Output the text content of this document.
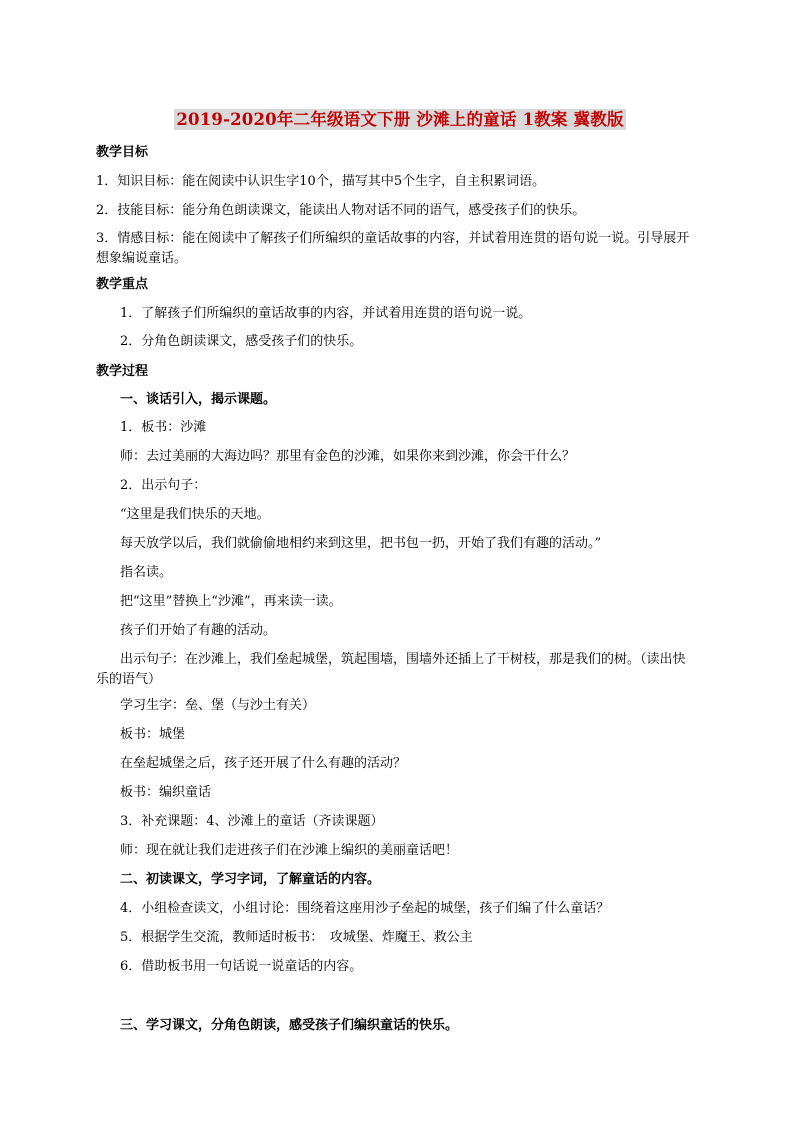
2019-2020年二年级语文下册 沙滩上的童话 1教案 冀教版
教学目标
1．知识目标：能在阅读中认识生字10个，描写其中5个生字，自主积累词语。
2．技能目标：能分角色朗读课文，能读出人物对话不同的语气，感受孩子们的快乐。
3．情感目标：能在阅读中了解孩子们所编织的童话故事的内容，并试着用连贯的语句说一说。引导展开想象编说童话。
教学重点
1．了解孩子们所编织的童话故事的内容，并试着用连贯的语句说一说。
2．分角色朗读课文，感受孩子们的快乐。
教学过程
一、谈话引入，揭示课题。
1．板书：沙滩
师：去过美丽的大海边吗？那里有金色的沙滩，如果你来到沙滩，你会干什么？
2．出示句子：
“这里是我们快乐的天地。
每天放学以后，我们就偷偷地相约来到这里，把书包一扔，开始了我们有趣的活动。”
指名读。
把“这里”替换上“沙滩”，再来读一读。
孩子们开始了有趣的活动。
出示句子：在沙滩上，我们垒起城堡，筑起围墙，围墙外还插上了干树枝，那是我们的树。（读出快乐的语气）
学习生字：垒、堡（与沙土有关）
板书：城堡
在垒起城堡之后，孩子还开展了什么有趣的活动？
板书：编织童话
3．补充课题：4、沙滩上的童话（齐读课题）
师：现在就让我们走进孩子们在沙滩上编织的美丽童话吧！
二、初读课文，学习字词，了解童话的内容。
4．小组检查读文，小组讨论：围绕着这座用沙子垒起的城堡，孩子们编了什么童话？
5．根据学生交流，教师适时板书：　攻城堡、炸魔王、救公主
6．借助板书用一句话说一说童话的内容。
三、学习课文，分角色朗读，感受孩子们编织童话的快乐。
